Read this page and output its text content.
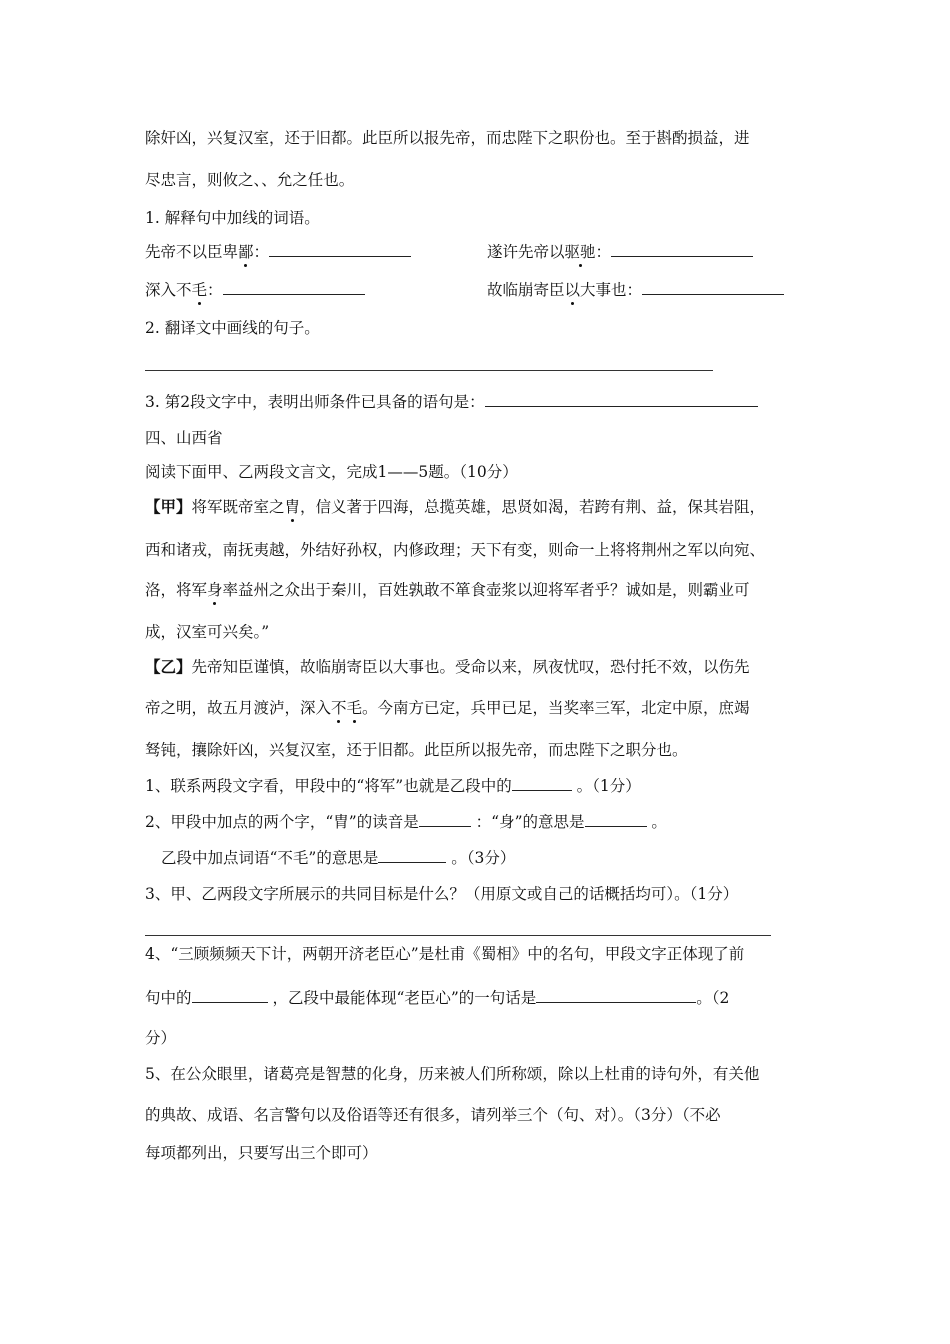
除奸凶，兴复汉室，还于旧都。此臣所以报先帝，而忠陛下之职份也。至于斟酌损益，进
尽忠言，则攸之、、允之任也。
1. 解释句中加线的词语。
先帝不以臣卑鄙：	遂许先帝以驱驰：
深入不毛：	故临崩寄臣以大事也：
2. 翻译文中画线的句子。
3. 第2段文字中，表明出师条件已具备的语句是：
四、山西省
阅读下面甲、乙两段文言文，完成1——5题。（10分）
【甲】将军既帝室之胄，信义著于四海，总揽英雄，思贤如渴，若跨有荆、益，保其岩阻，
西和诸戎，南抚夷越，外结好孙权，内修政理；天下有变，则命一上将将荆州之军以向宛、
洛，将军身率益州之众出于秦川，百姓孰敢不箪食壶浆以迎将军者乎？诚如是，则霸业可
成，汉室可兴矣。”
【乙】先帝知臣谨慎，故临崩寄臣以大事也。受命以来，夙夜忧叹，恐付托不效，以伤先
帝之明，故五月渡泸，深入不毛。今南方已定，兵甲已足，当奖率三军，北定中原，庶竭
驽钝，攘除奸凶，兴复汉室，还于旧都。此臣所以报先帝，而忠陛下之职分也。
1、联系两段文字看，甲段中的“将军”也就是乙段中的	。（1分）
2、甲段中加点的两个字，“胄”的读音是	：“身”的意思是	。
乙段中加点词语“不毛”的意思是	。（3分）
3、甲、乙两段文字所展示的共同目标是什么？（用原文或自己的话概括均可）。（1分）
4、“三顾频频天下计，两朝开济老臣心”是杜甫《蜀相》中的名句，甲段文字正体现了前
句中的	，乙段中最能体现“老臣心”的一句话是	。（2
分）
5、在公众眼里，诸葛亮是智慧的化身，历来被人们所称颂，除以上杜甫的诗句外，有关他
的典故、成语、名言警句以及俗语等还有很多，请列举三个（句、对）。（3分）（不必
每项都列出，只要写出三个即可）
